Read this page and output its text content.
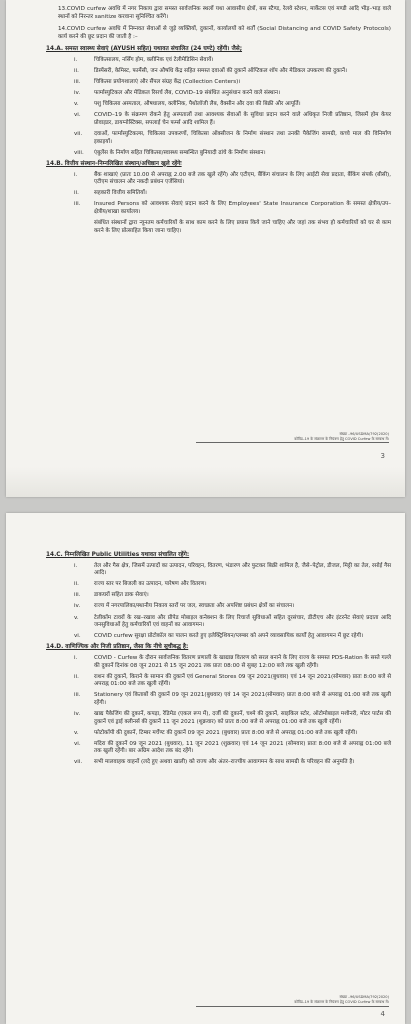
13.COVID curfew अवधि में नगर निकाय द्वारा समस्त सार्वजनिक स्थलों यथा आवासीय क्षेत्रों, बस स्टैण्ड, रेलवे स्टेशन, मार्केटस एवं मण्डी आदि भीड़–भाड़ वाले स्थानों को निरन्तर sanitize करवाना सुनिश्चित करेंगे।

14.COVID curfew अवधि में निम्नवत सेवाओं से जुड़े व्यक्तियों, दुकानों, कार्यालयों को शर्तों (Social Distancing and COVID Safety Protocols) कार्य करने की छूट प्रदान की जाती है :–

14.A. समस्त स्वास्थ्य सेवाएं (AYUSH सहित) यथावत संचालित (24 घण्टे) रहेंगी। जैसे;
i.	चिकित्सालय, नर्सिंग होम, क्लीनिक एवं टेलीमेडिसिन सेवायें।
ii.	डिस्पेंसरी, केमिस्ट, फार्मेसी, जन औषधि केंद्र सहित समस्त दवाओं की दुकानें ऑप्टिकल शॉप और मेडिकल उपकरण की दुकानें।
iii.	चिकित्सा प्रयोगशालाएं और सैंपल संग्रह केंद्र (Collection Centers)।
iv.	फार्मास्युटिकल और मेडिकल रिसर्च लैब, COVID–19 संबंधित अनुसंधान करने वाले संस्थान।
v.	पशु चिकित्सा अस्पताल, औषधालय, क्लीनिक, पैथोलॉजी लैब, वैक्सीन और दवा की बिक्री और आपूर्ति।
vi.	COVID–19 के संक्रमण रोकने हेतु अस्पतालों तथा आवश्यक सेवाओं के सुविधा प्रदान करने वाले अधिकृत निजी प्रतिष्ठान, जिसमें होम केयर प्रोवाइडर, डायग्नोस्टिक्स, सपलाई चेन फर्म्स आदि शामिल हैं।
vii.	दवाओं, फार्मास्युटिकल्स, चिकित्सा उपकरणों, चिकित्सा ऑक्सीजन के निर्माण संस्थान तथा उनकी पैकेजिंग सामग्री, कच्चे माल की विनिर्माण इकाइयाँ।
viii.	एंबुलेंस के निर्माण सहित चिकित्सा/स्वास्थ्य सम्बन्धित बुनियादी ढांचे के निर्माण संस्थान।
14.B. वित्तीय संस्थान–निम्नलिखित संस्थान/अधिष्ठान खुले रहेंगेः
i.	बैंक शाखाएं (प्रातः 10.00 से अपराह्न 2.00 बजे तक खुले रहेंगे) और एटीएम, बैंकिंग संचालन के लिए आईटी सेवा प्रदाता, बैंकिंग संपर्क (बीसी), एटीएम संचालन और नकदी प्रबंधन एजेंसियां।
ii.	सहकारी वित्तीय समितियाँ।
iii.	Insured Persons को आवश्यक सेवाएं प्रदान करने के लिए Employees' State Insurance Corporation के समस्त क्षेत्रीय/उप–क्षेत्रीय/शाखा कार्यालय।

संबंधित संस्थानों द्वारा न्यूनतम कर्मचारियों के साथ काम करने के लिए प्रयास किये जाने चाहिए और जहां तक संभव हो कर्मचारियों को घर से काम करने के लिए प्रोत्साहित किया जाना चाहिए।

संख्या –96/USDMA/792(2020)
कोविड–19 के संक्रमण के नियंत्रण हेतु COVID Curfew के सम्बन्ध में।
3
14.C. निम्नलिखित Public Utilities यथावत संचालित रहेंगे:
i.	तेल और गैस क्षेत्र, जिसमें उत्पादों का उत्पादन, परिवहन, वितरण, भंडारण और फुटकर बिक्री शामिल है, जैसे–पेट्रोल, डीजल, मिट्टी का तेल, रसोई गैस आदि।
ii.	राज्य स्तर पर बिजली का उत्पादन, पारेषण और वितरण।
iii.	डाकघरों सहित डाक सेवाएं।
iv.	राज्य में नगरपालिका/स्थानीय निकाय स्तरों पर जल, स्वच्छता और अपशिष्ट प्रबंधन क्षेत्रों का संचालन।
v.	टेलीकॉम टावरों के रख–रखाव और प्रीपेड मोबाइल कनेक्शन के लिए रिचार्ज सुविधाओं सहित दूरसंचार, डीटीएच और इंटरनेट सेवाएं प्रदाता आदि जनसुविधाओं हेतु कर्मचारियों एवं वाहनों का आवागमन।
vi.	COVID curfew सुरक्षा प्रोटोकॉल का पालन करते हुए इलेक्ट्रिशियन/प्लम्बर को अपने व्यावसायिक कार्यों हेतु आवागमन में छूट रहेगी।
14.D. वाणिज्यिक और निजी प्रतिष्ठान, जैसा कि नीचे सूचीबद्ध है:
i.	COVID - Curfew के दौरान सार्वजनिक वितरण प्रणाली के खाद्यान्न वितरण को सरल बनाने के लिए राज्य के समस्त PDS-Ration के सस्ते गल्ले की दुकानें दिनांक 08 जून 2021 से 15 जून 2021 तक प्रातः 08:00 से सुबह 12:00 बजे तक खुली रहेंगी।
ii.	राशन की दुकानें, किराने के सामान की दुकानें एवं General Stores 09 जून 2021(बुधवार) एवं 14 जून 2021(सोमवार) प्रातः 8:00 बजे से अपराह्न 01:00 बजे तक खुली रहेंगी।
iii.	Stationery एवं किताबों की दुकानें 09 जून 2021(बुधवार) एवं 14 जून 2021(सोमवार) प्रातः 8:00 बजे से अपराह्न 01:00 बजे तक खुली रहेंगी।
iv.	खाद्य पैकेजिंग की दुकानें, कपड़ा, रेडिमेड (एकल रूप में), दर्जी की दुकानें, चश्मे की दुकानें, साइकिल स्टोर, ऑटोमोबाइल मशीनरी, मोटर पार्टस की दुकानें एवं ड्राई क्लीनर्स की दुकानें 11 जून 2021 (शुक्रवार) को प्रातः 8:00 बजे से अपराह्न 01:00 बजे तक खुली रहेंगी।
v.	फोटोकॉपी की दुकानें, टिम्बर मर्चेण्ट की दुकानें 09 जून 2021 (बुधवार) प्रातः 8:00 बजे से अपराह्न 01:00 बजे तक खुली रहेंगी।
vi.	मदिरा की दुकानें 09 जून 2021 (बुधवार), 11 जून 2021 (शुक्रवार) एवं 14 जून 2021 (सोमवार) प्रातः 8:00 बजे से अपराह्न 01:00 बजे तक खुली रहेंगी। बार अग्रिम आदेश तक बंद रहेंगे।
vii.	सभी मालवाहक वाहनों (लदे हुए अथवा खाली) को राज्य और अंतर–राज्यीय आवागमन के साथ सामग्री के परिवहन की अनुमति है।
संख्या –96/USDMA/792(2020)
कोविड–19 के संक्रमण के नियंत्रण हेतु COVID Curfew के सम्बन्ध में।
4
